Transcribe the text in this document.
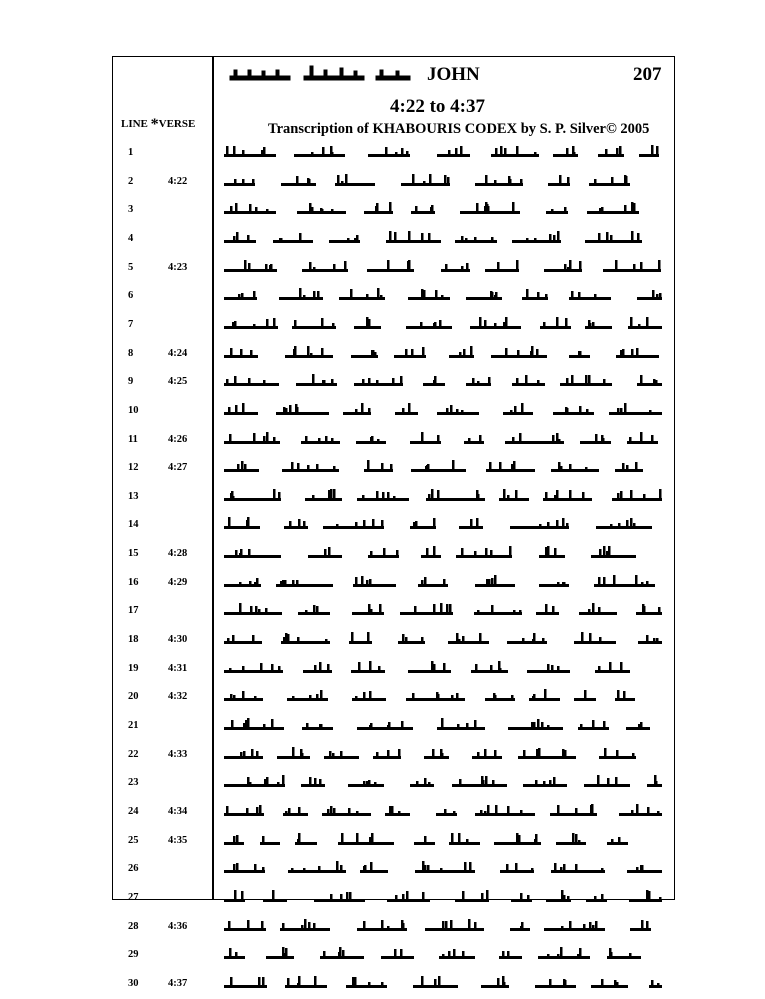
JOHN	207
4:22 to 4:37
Transcription of KHABOURIS CODEX by S. P. Silver© 2005
LINE *VERSE
1
2	4:22
3
4
5	4:23
6
7
8	4:24
9	4:25
10
11	4:26
12	4:27
13
14
15	4:28
16	4:29
17
18	4:30
19	4:31
20	4:32
21
22	4:33
23
24	4:34
25	4:35
26
27
28	4:36
29
30	4:37
